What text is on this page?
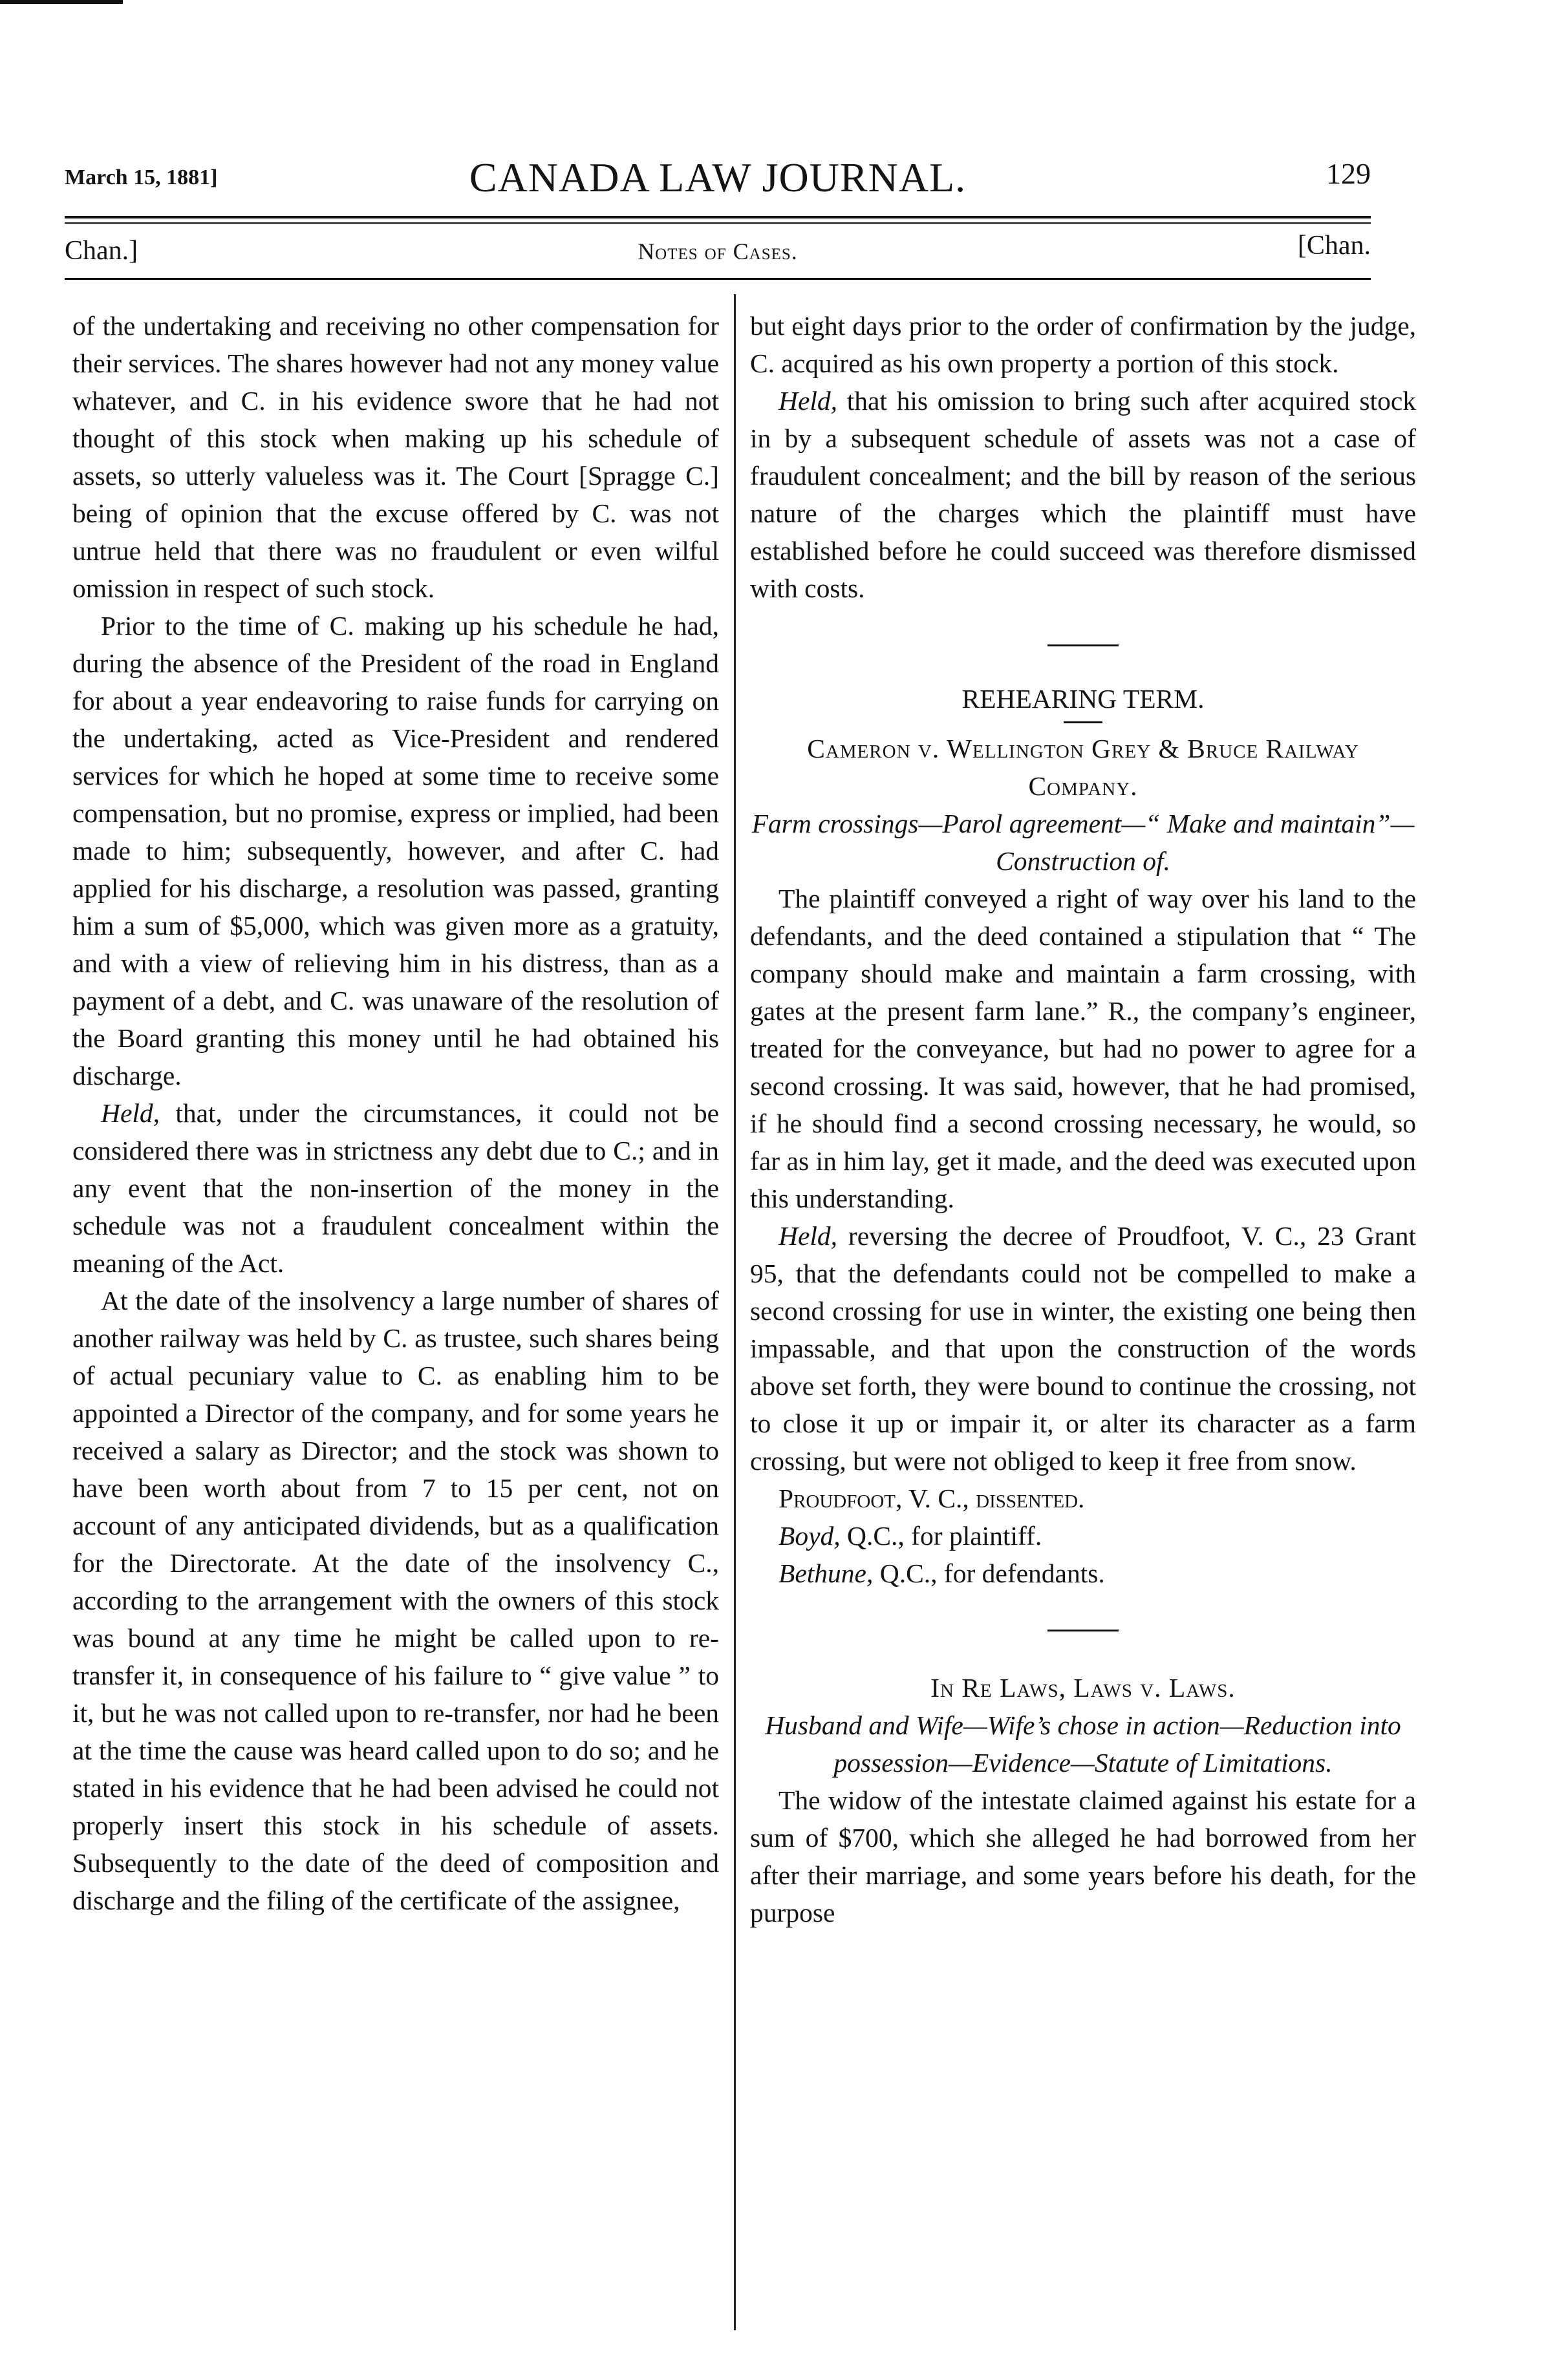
March 15, 1881]	CANADA LAW JOURNAL.	129
Chan.]	Notes of Cases.	[Chan.

of the undertaking and receiving no other compensation for their services. The shares however had not any money value whatever, and C. in his evidence swore that he had not thought of this stock when making up his schedule of assets, so utterly valueless was it. The Court [Spragge C.] being of opinion that the excuse offered by C. was not untrue held that there was no fraudulent or even wilful omission in respect of such stock.

Prior to the time of C. making up his schedule he had, during the absence of the President of the road in England for about a year endeavoring to raise funds for carrying on the undertaking, acted as Vice-President and rendered services for which he hoped at some time to receive some compensation, but no promise, express or implied, had been made to him; subsequently, however, and after C. had applied for his discharge, a resolution was passed, granting him a sum of $5,000, which was given more as a gratuity, and with a view of relieving him in his distress, than as a payment of a debt, and C. was unaware of the resolution of the Board granting this money until he had obtained his discharge.

Held, that, under the circumstances, it could not be considered there was in strictness any debt due to C.; and in any event that the non-insertion of the money in the schedule was not a fraudulent concealment within the meaning of the Act.

At the date of the insolvency a large number of shares of another railway was held by C. as trustee, such shares being of actual pecuniary value to C. as enabling him to be appointed a Director of the company, and for some years he received a salary as Director; and the stock was shown to have been worth about from 7 to 15 per cent, not on account of any anticipated dividends, but as a qualification for the Directorate. At the date of the insolvency C., according to the arrangement with the owners of this stock was bound at any time he might be called upon to re-transfer it, in consequence of his failure to “ give value ” to it, but he was not called upon to re-transfer, nor had he been at the time the cause was heard called upon to do so; and he stated in his evidence that he had been advised he could not properly insert this stock in his schedule of assets. Subsequently to the date of the deed of composition and discharge and the filing of the certificate of the assignee,

but eight days prior to the order of confirmation by the judge, C. acquired as his own property a portion of this stock.

Held, that his omission to bring such after acquired stock in by a subsequent schedule of assets was not a case of fraudulent concealment; and the bill by reason of the serious nature of the charges which the plaintiff must have established before he could succeed was therefore dismissed with costs.

REHEARING TERM.

Cameron v. Wellington Grey & Bruce Railway Company.

Farm crossings—Parol agreement—“ Make and maintain”—Construction of.

The plaintiff conveyed a right of way over his land to the defendants, and the deed contained a stipulation that “ The company should make and maintain a farm crossing, with gates at the present farm lane.” R., the company’s engineer, treated for the conveyance, but had no power to agree for a second crossing. It was said, however, that he had promised, if he should find a second crossing necessary, he would, so far as in him lay, get it made, and the deed was executed upon this understanding.

Held, reversing the decree of Proudfoot, V. C., 23 Grant 95, that the defendants could not be compelled to make a second crossing for use in winter, the existing one being then impassable, and that upon the construction of the words above set forth, they were bound to continue the crossing, not to close it up or impair it, or alter its character as a farm crossing, but were not obliged to keep it free from snow.

Proudfoot, V. C., dissented.

Boyd, Q.C., for plaintiff.

Bethune, Q.C., for defendants.

In Re Laws, Laws v. Laws.

Husband and Wife—Wife’s chose in action—Reduction into possession—Evidence—Statute of Limitations.

The widow of the intestate claimed against his estate for a sum of $700, which she alleged he had borrowed from her after their marriage, and some years before his death, for the purpose
